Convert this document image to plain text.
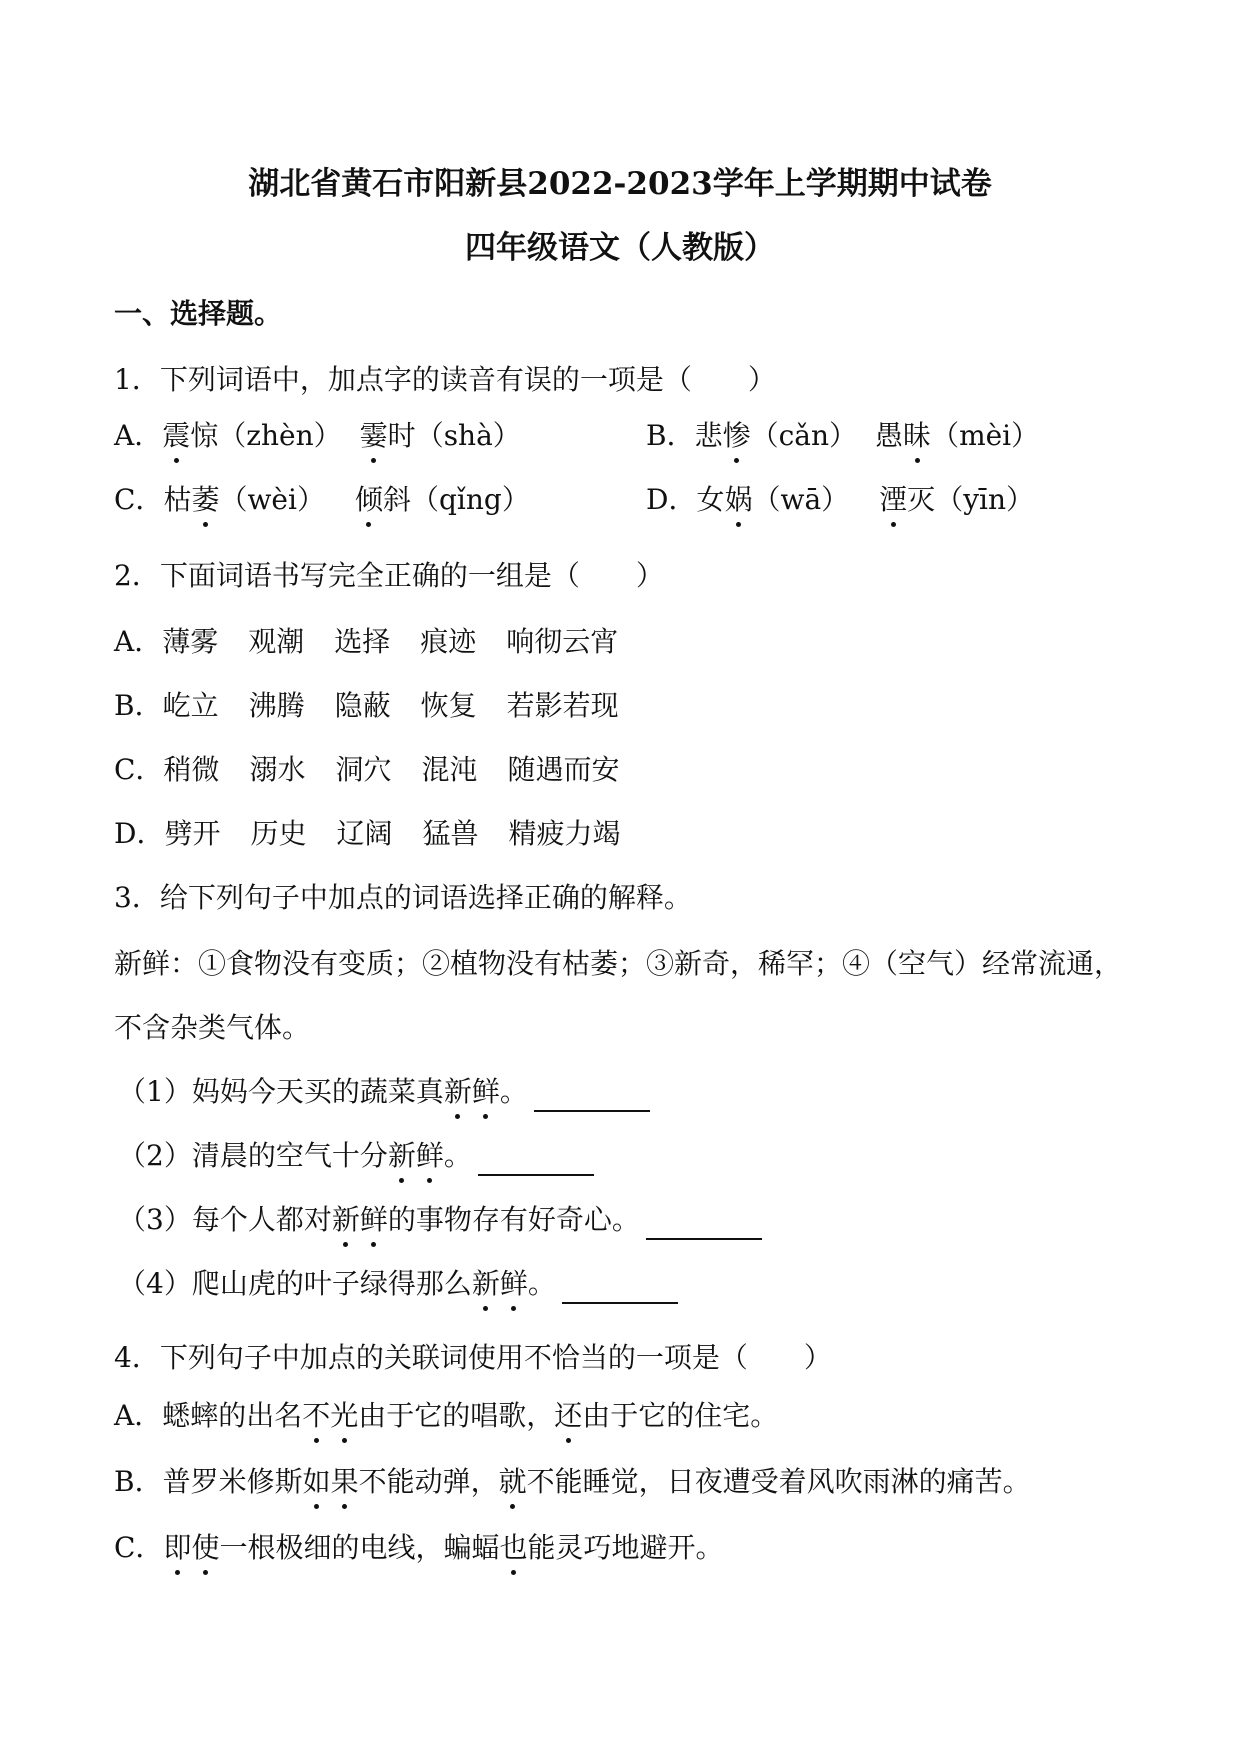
湖北省黄石市阳新县2022-2023学年上学期期中试卷
四年级语文（人教版）
一、选择题。
1．下列词语中，加点字的读音有误的一项是（　　）
A．震惊（zhèn） 霎时（shà）	B．悲惨（cǎn） 愚昧（mèi）
C．枯萎（wèi） 倾斜（qǐng）	D．女娲（wā） 湮灭（yīn）
2．下面词语书写完全正确的一组是（　　）
A．薄雾 观潮 选择 痕迹 响彻云宵
B．屹立 沸腾 隐蔽 恢复 若影若现
C．稍微 溺水 洞穴 混沌 随遇而安
D．劈开 历史 辽阔 猛兽 精疲力竭
3．给下列句子中加点的词语选择正确的解释。
新鲜：①食物没有变质；②植物没有枯萎；③新奇，稀罕；④（空气）经常流通，
不含杂类气体。
（1）妈妈今天买的蔬菜真新鲜。
（2）清晨的空气十分新鲜。
（3）每个人都对新鲜的事物存有好奇心。
（4）爬山虎的叶子绿得那么新鲜。
4．下列句子中加点的关联词使用不恰当的一项是（　　）
A．蟋蟀的出名不光由于它的唱歌，还由于它的住宅。
B．普罗米修斯如果不能动弹，就不能睡觉，日夜遭受着风吹雨淋的痛苦。
C．即使一根极细的电线，蝙蝠也能灵巧地避开。
